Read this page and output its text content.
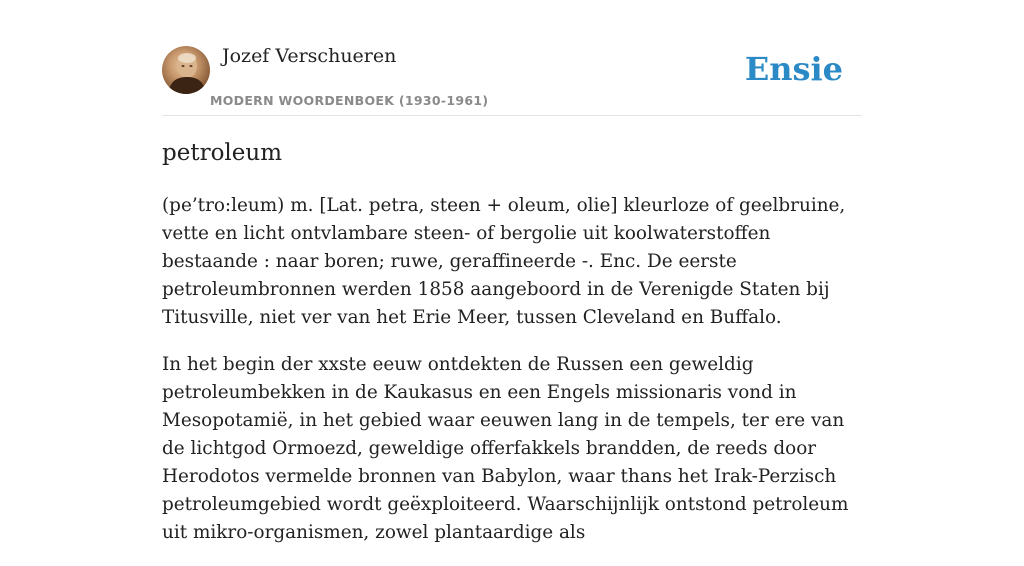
Jozef Verschueren
MODERN WOORDENBOEK (1930-1961)
Ensie
petroleum

(pe’tro:leum) m. [Lat. petra, steen + oleum, olie] kleurloze of geelbruine, vette en licht ontvlambare steen- of bergolie uit koolwaterstoffen bestaande : naar boren; ruwe, geraffineerde -. Enc. De eerste petroleumbronnen werden 1858 aangeboord in de Verenigde Staten bij Titusville, niet ver van het Erie Meer, tussen Cleveland en Buffalo.

In het begin der xxste eeuw ontdekten de Russen een geweldig petroleumbekken in de Kaukasus en een Engels missionaris vond in Mesopotamië, in het gebied waar eeuwen lang in de tempels, ter ere van de lichtgod Ormoezd, geweldige offerfakkels brandden, de reeds door Herodotos vermelde bronnen van Babylon, waar thans het Irak-Perzisch petroleumgebied wordt geëxploiteerd. Waarschijnlijk ontstond petroleum uit mikro-organismen, zowel plantaardige als
